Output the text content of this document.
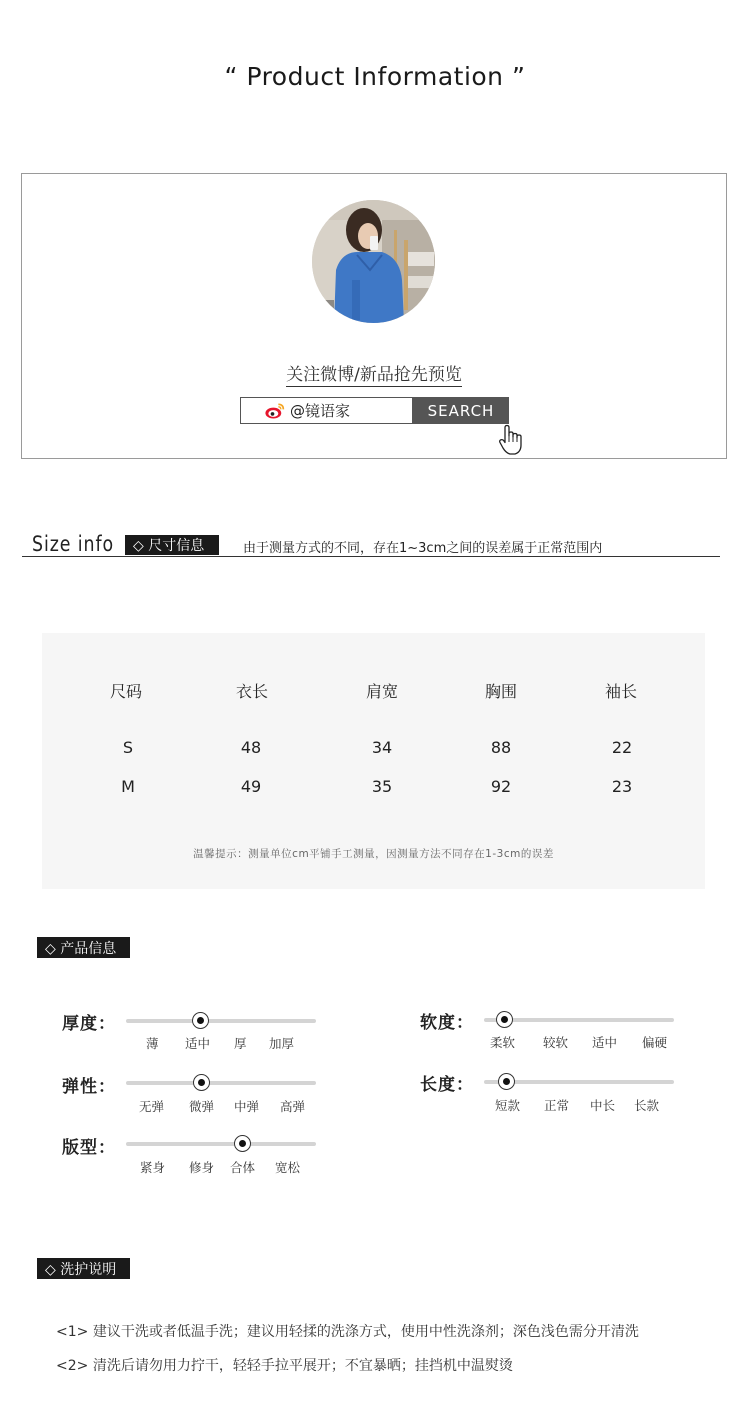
“ Product Information ”
关注微博/新品抢先预览
@镜语家	SEARCH
Size info	◇ 尺寸信息	由于测量方式的不同，存在1~3cm之间的误差属于正常范围内
尺码	衣长	肩宽	胸围	袖长
S	48	34	88	22
M	49	35	92	23
温馨提示：测量单位cm平铺手工测量，因测量方法不同存在1-3cm的误差
◇ 产品信息
厚度：
薄 适中 厚 加厚
弹性：
无弹 微弹 中弹 高弹
版型：
紧身 修身 合体 宽松
软度：
柔软 较软 适中 偏硬
长度：
短款 正常 中长 长款
◇ 洗护说明
<1> 建议干洗或者低温手洗；建议用轻揉的洗涤方式，使用中性洗涤剂；深色浅色需分开清洗
<2> 清洗后请勿用力拧干，轻轻手拉平展开；不宜暴晒；挂挡机中温熨烫
